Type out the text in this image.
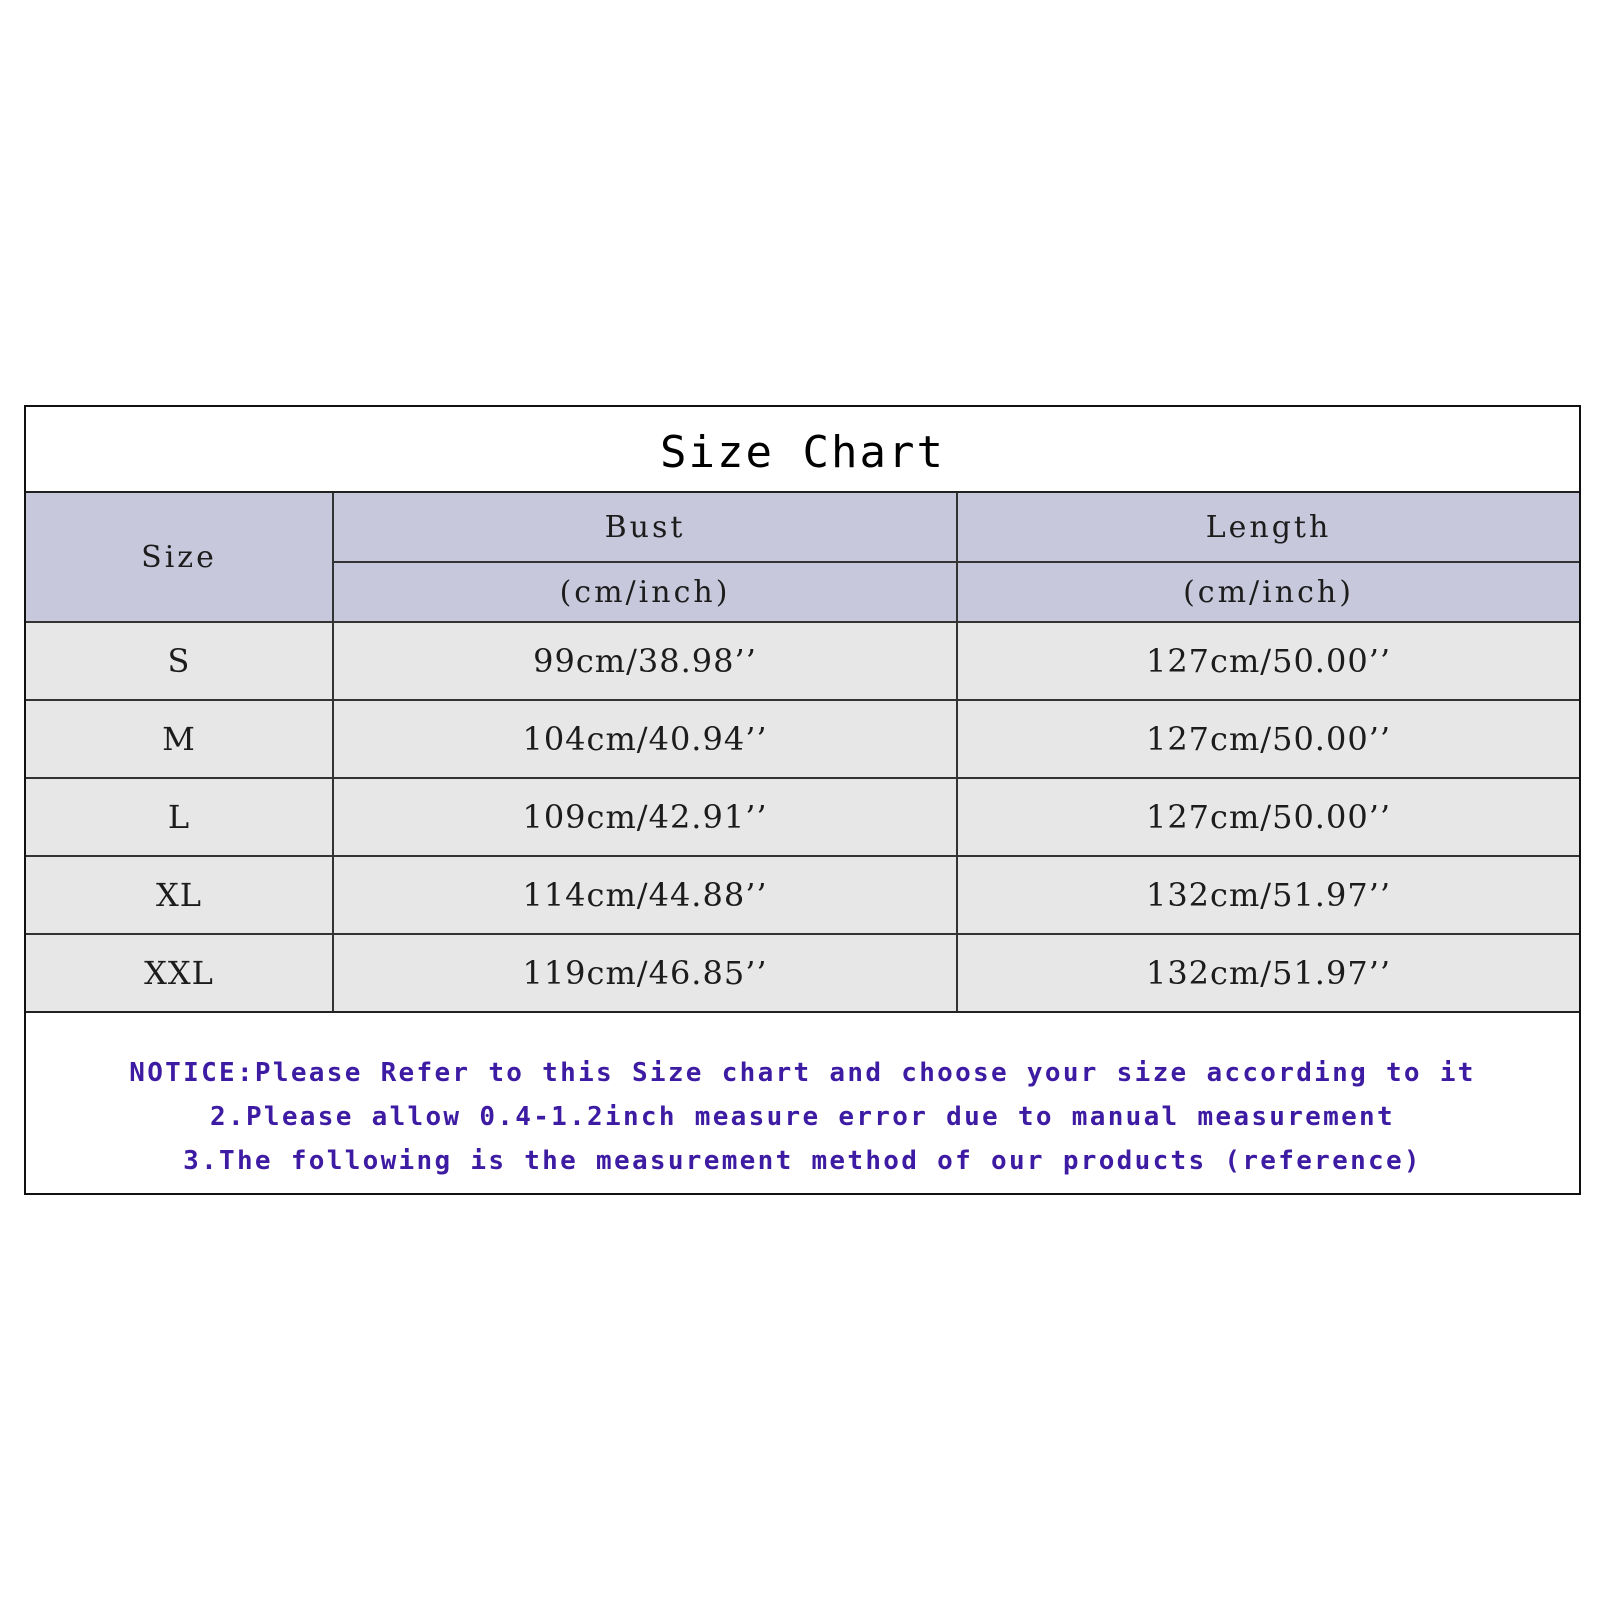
Size Chart
Size	Bust	Length
	(cm/inch)	(cm/inch)
S	99cm/38.98’’	127cm/50.00’’
M	104cm/40.94’’	127cm/50.00’’
L	109cm/42.91’’	127cm/50.00’’
XL	114cm/44.88’’	132cm/51.97’’
XXL	119cm/46.85’’	132cm/51.97’’
NOTICE:Please Refer to this Size chart and choose your size according to it
2.Please allow 0.4-1.2inch measure error due to manual measurement
3.The following is the measurement method of our products (reference)
